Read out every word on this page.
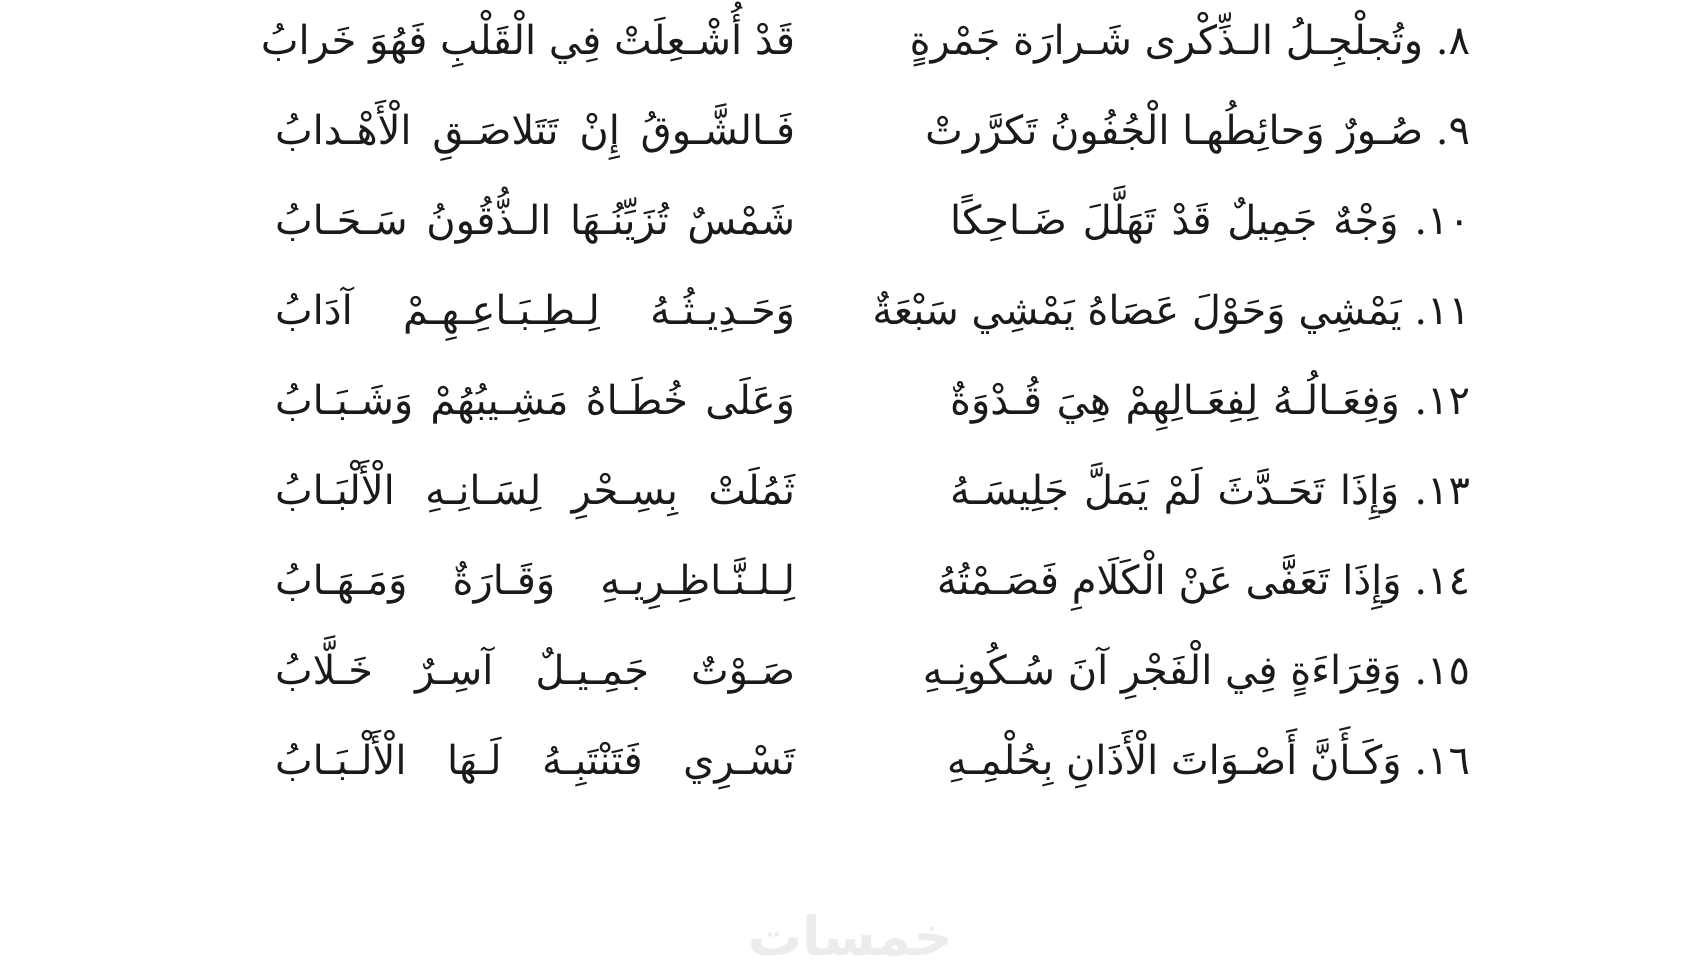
٨. وتُجلْجِـلُ الـذِّكْرى شَـرارَة جَمْرةٍ
قَدْ أُشْـعِلَتْ فِي الْقَلْبِ فَهُوَ خَرابُ
٩. صُـورٌ وَحائِطُهـا الْجُفُونُ تَكرَّرتْ
فَـالشَّـوقُ إِنْ تَتَلاصَـقِ الْأَهْـدابُ
١٠. وَجْهٌ جَمِيلٌ قَدْ تَهَلَّلَ ضَـاحِكًا
شَمْسٌ تُزَيِّنُـهَا الـذُّقُونُ سَـحَـابُ
١١. يَمْشِي وَحَوْلَ عَصَاهُ يَمْشِي سَبْعَةٌ
وَحَـدِيـثُـهُ لِـطِـبَـاعِـهِـمْ آدَابُ
١٢. وَفِعَـالُـهُ لِفِعَـالِهِمْ هِيَ قُـدْوَةٌ
وَعَلَى خُطَـاهُ مَشِـيبُهُمْ وَشَـبَـابُ
١٣. وَإِذَا تَحَـدَّثَ لَمْ يَمَلَّ جَلِيسَـهُ
ثَمُلَتْ بِسِـحْرِ لِسَـانِـهِ الْأَلْبَـابُ
١٤. وَإِذَا تَعَفَّى عَنْ الْكَلَامِ فَصَـمْتُهُ
لِـلـنَّـاظِـرِيـهِ وَقَـارَةٌ وَمَـهَـابُ
١٥. وَقِرَاءَةٍ فِي الْفَجْرِ آنَ سُـكُونِـهِ
صَـوْتٌ جَمِـيـلٌ آسِـرٌ خَـلَّابُ
١٦. وَكَـأَنَّ أَصْـوَاتَ الْأَذَانِ بِحُلْمِـهِ
تَسْـرِي فَتَنْتَبِـهُ لَـهَا الْأَلْـبَـابُ
خمسات
